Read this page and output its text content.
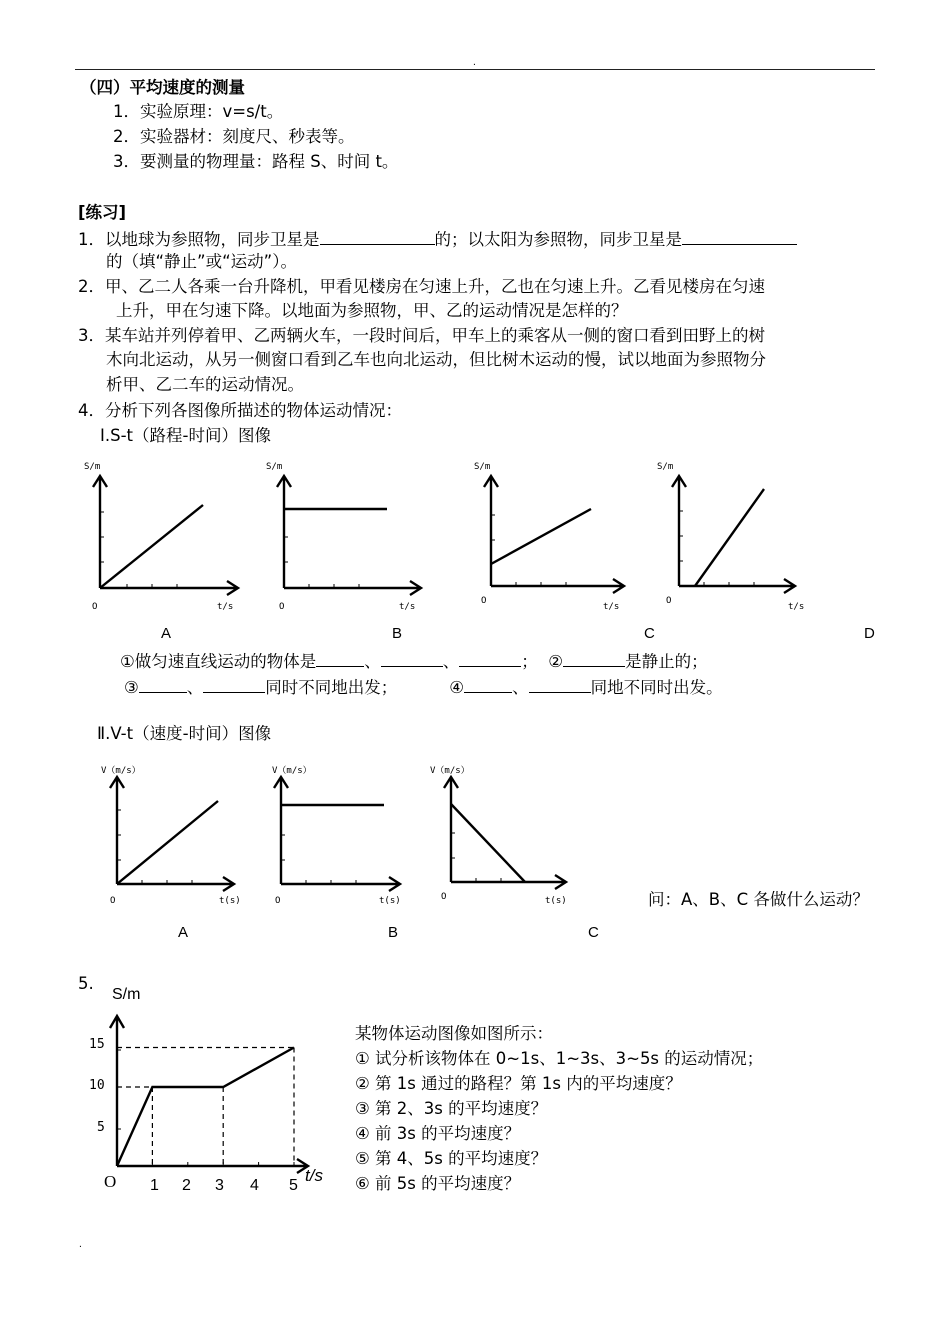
.
（四）平均速度的测量
1．实验原理：v=s/t。
2．实验器材：刻度尺、秒表等。
3．要测量的物理量：路程 S、时间 t。
[练习]
1．以地球为参照物，同步卫星是	的；以太阳为参照物，同步卫星是
的（填“静止”或“运动”）。
2．甲、乙二人各乘一台升降机，甲看见楼房在匀速上升，乙也在匀速上升。乙看见楼房在匀速
上升，甲在匀速下降。以地面为参照物，甲、乙的运动情况是怎样的？
3．某车站并列停着甲、乙两辆火车，一段时间后，甲车上的乘客从一侧的窗口看到田野上的树
木向北运动，从另一侧窗口看到乙车也向北运动，但比树木运动的慢，试以地面为参照物分
析甲、乙二车的运动情况。
4．分析下列各图像所描述的物体运动情况：
Ⅰ.S-t（路程-时间）图像
S/m
O	t/s
S/m
O	t/s
S/m
O
t/s
S/m
O
t/s
A	B	C	D
①做匀速直线运动的物体是	、	、	； ②	是静止的；
③	、	同时不同地出发；	④	、	同地不同时出发。
Ⅱ.V-t（速度-时间）图像
V（m/s）
O	t(s)
V（m/s）
O	t(s)
V（m/s）
O	t(s)	问：A、B、C 各做什么运动？
A	B	C
5.
S/m
15
10
5
O 1 2 3 4 5
t/s
某物体运动图像如图所示：
① 试分析该物体在 0~1s、1~3s、3~5s 的运动情况；
② 第 1s 通过的路程？第 1s 内的平均速度？
③ 第 2、3s 的平均速度？
④ 前 3s 的平均速度？
⑤ 第 4、5s 的平均速度？
⑥ 前 5s 的平均速度？
.
